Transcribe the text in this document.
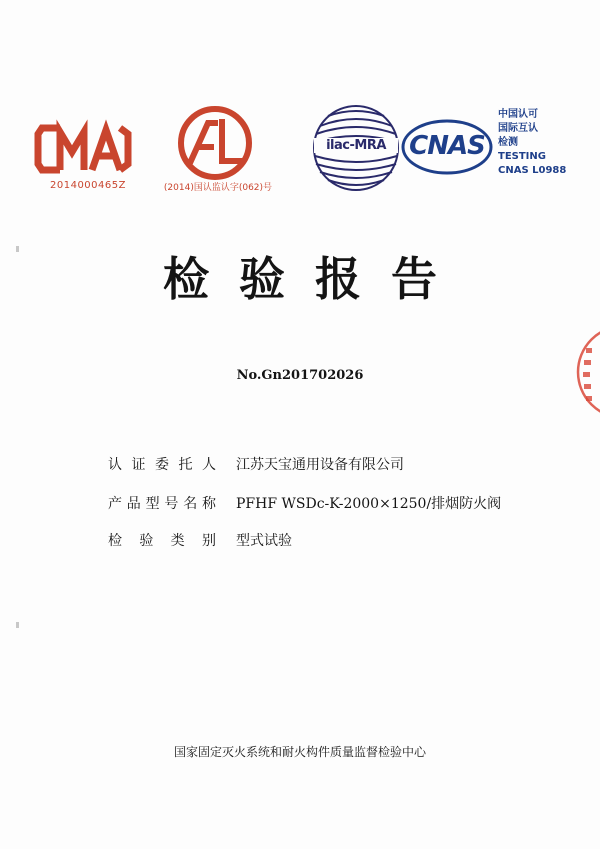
2014000465Z	(2014)国认监认字(062)号
ilac-MRA CNAS
中国认可
国际互认
检测
TESTING
CNAS L0988
检验报告
No.Gn201702026
认证委托人 江苏天宝通用设备有限公司
产品型号名称 PFHF WSDc-K-2000×1250/排烟防火阀
检验类别 型式试验
国家固定灭火系统和耐火构件质量监督检验中心
